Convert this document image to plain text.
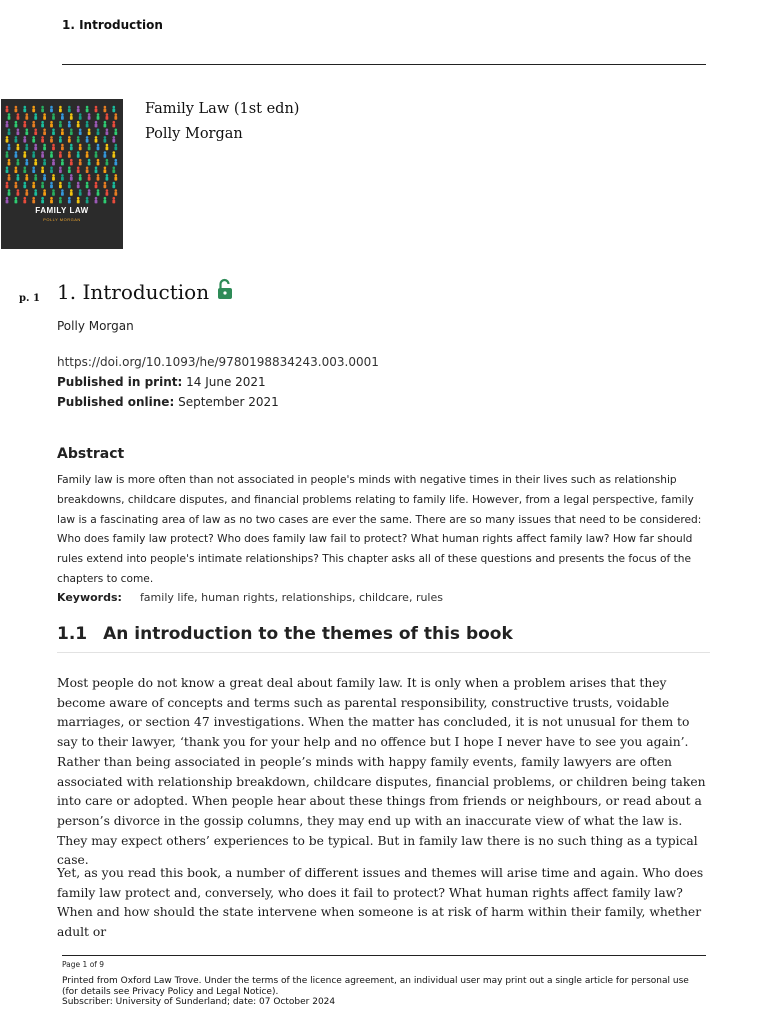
1. Introduction
FAMILY LAW
POLLY MORGAN
Family Law (1st edn)
Polly Morgan
p. 1 1. Introduction
Polly Morgan
https://doi.org/10.1093/he/9780198834243.003.0001
Published in print: 14 June 2021
Published online: September 2021
Abstract

Family law is more often than not associated in people's minds with negative times in their lives such as relationship breakdowns, childcare disputes, and financial problems relating to family life. However, from a legal perspective, family law is a fascinating area of law as no two cases are ever the same. There are so many issues that need to be considered: Who does family law protect? Who does family law fail to protect? What human rights affect family law? How far should rules extend into people's intimate relationships? This chapter asks all of these questions and presents the focus of the chapters to come.

Keywords: family life, human rights, relationships, childcare, rules
1.1 An introduction to the themes of this book

Most people do not know a great deal about family law. It is only when a problem arises that they become aware of concepts and terms such as parental responsibility, constructive trusts, voidable marriages, or section 47 investigations. When the matter has concluded, it is not unusual for them to say to their lawyer, ‘thank you for your help and no offence but I hope I never have to see you again’. Rather than being associated in people’s minds with happy family events, family lawyers are often associated with relationship breakdown, childcare disputes, financial problems, or children being taken into care or adopted. When people hear about these things from friends or neighbours, or read about a person’s divorce in the gossip columns, they may end up with an inaccurate view of what the law is. They may expect others’ experiences to be typical. But in family law there is no such thing as a typical case.

Yet, as you read this book, a number of different issues and themes will arise time and again. Who does family law protect and, conversely, who does it fail to protect? What human rights affect family law? When and how should the state intervene when someone is at risk of harm within their family, whether adult or

Page 1 of 9
Printed from Oxford Law Trove. Under the terms of the licence agreement, an individual user may print out a single article for personal use (for details see Privacy Policy and Legal Notice).
Subscriber: University of Sunderland; date: 07 October 2024
